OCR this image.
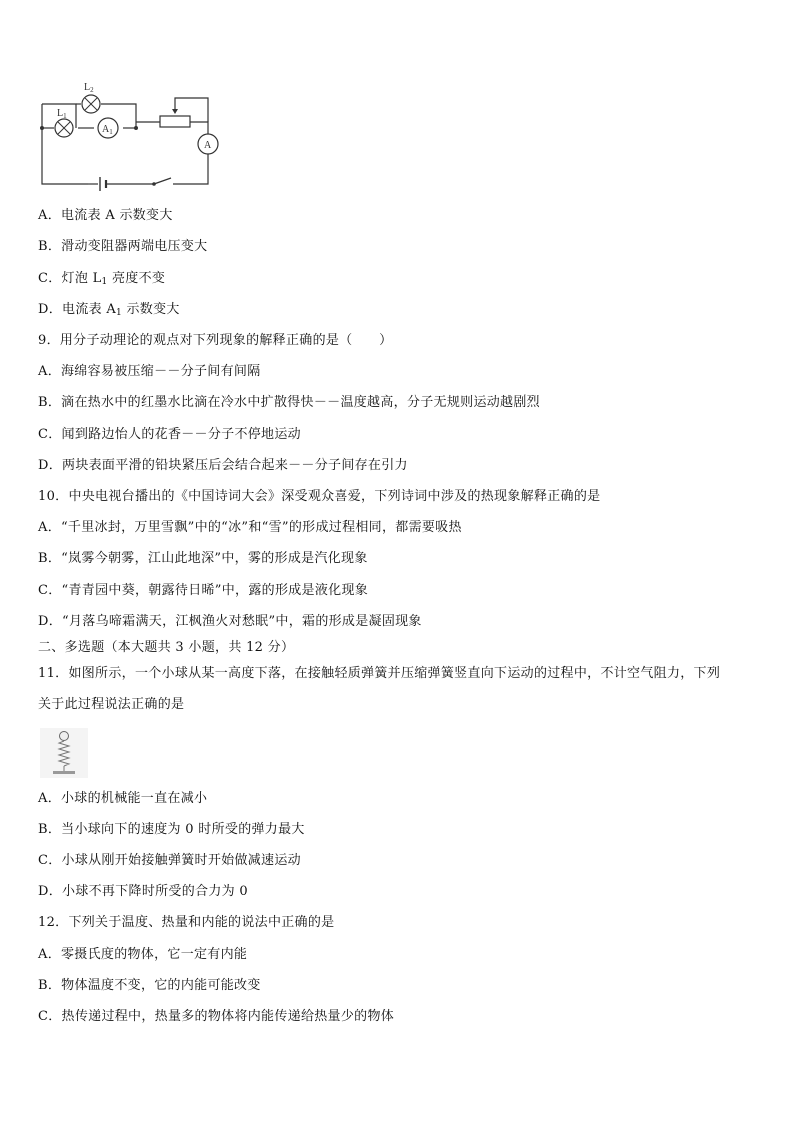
$L_2$
$L_1$
$A_1$
A
A．电流表 A 示数变大
B．滑动变阻器两端电压变大
C．灯泡 $L_1$ 亮度不变
D．电流表 $A_1$ 示数变大
9．用分子动理论的观点对下列现象的解释正确的是（　　）
A．海绵容易被压缩－－分子间有间隔
B．滴在热水中的红墨水比滴在冷水中扩散得快－－温度越高，分子无规则运动越剧烈
C．闻到路边怡人的花香－－分子不停地运动
D．两块表面平滑的铅块紧压后会结合起来－－分子间存在引力
10．中央电视台播出的《中国诗词大会》深受观众喜爱，下列诗词中涉及的热现象解释正确的是
A．“千里冰封，万里雪飘”中的“冰”和“雪”的形成过程相同，都需要吸热
B．“岚雾今朝雾，江山此地深”中，雾的形成是汽化现象
C．“青青园中葵，朝露待日晞”中，露的形成是液化现象
D．“月落乌啼霜满天，江枫渔火对愁眠”中，霜的形成是凝固现象
二、多选题（本大题共 3 小题，共 12 分）
11．如图所示，一个小球从某一高度下落，在接触轻质弹簧并压缩弹簧竖直向下运动的过程中，不计空气阻力，下列
关于此过程说法正确的是
A．小球的机械能一直在减小
B．当小球向下的速度为 0 时所受的弹力最大
C．小球从刚开始接触弹簧时开始做减速运动
D．小球不再下降时所受的合力为 0
12．下列关于温度、热量和内能的说法中正确的是
A．零摄氏度的物体，它一定有内能
B．物体温度不变，它的内能可能改变
C．热传递过程中，热量多的物体将内能传递给热量少的物体
